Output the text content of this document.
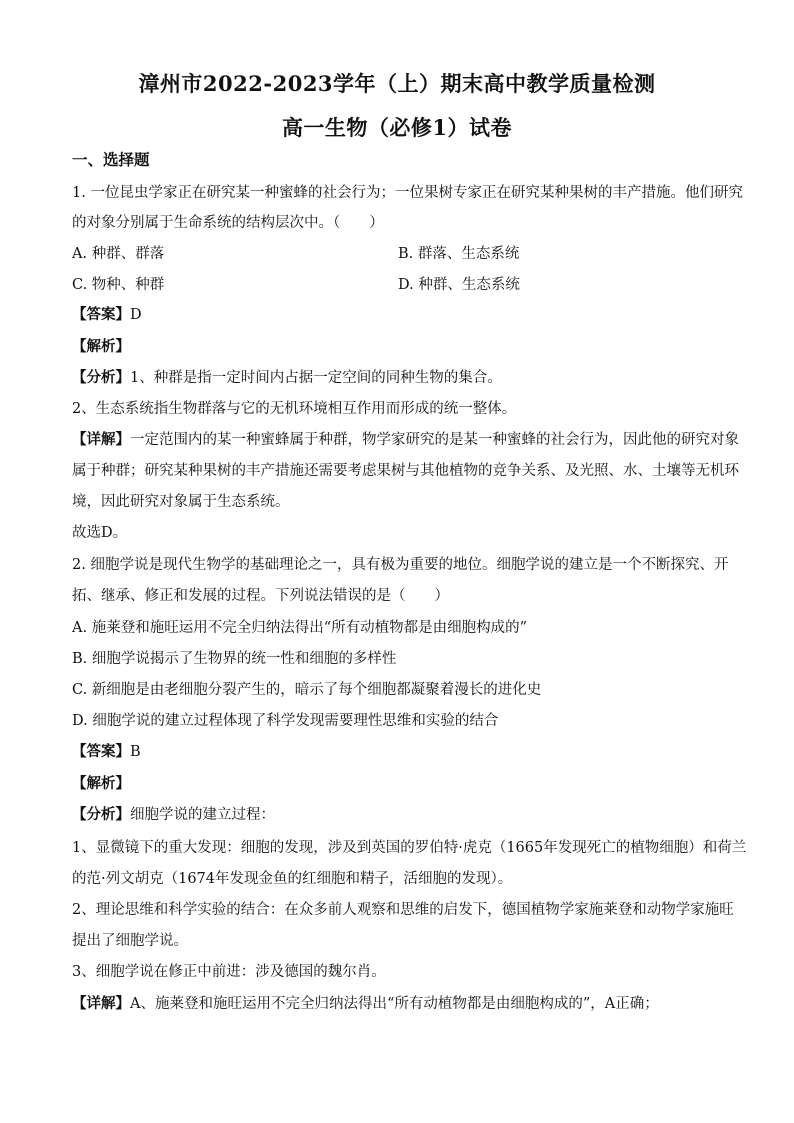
漳州市2022-2023学年（上）期末高中教学质量检测
高一生物（必修1）试卷
一、选择题
1. 一位昆虫学家正在研究某一种蜜蜂的社会行为；一位果树专家正在研究某种果树的丰产措施。他们研究
的对象分别属于生命系统的结构层次中。（　　）
A. 种群、群落	B. 群落、生态系统
C. 物种、种群	D. 种群、生态系统
【答案】D
【解析】
【分析】1、种群是指一定时间内占据一定空间的同种生物的集合。
2、生态系统指生物群落与它的无机环境相互作用而形成的统一整体。
【详解】一定范围内的某一种蜜蜂属于种群，物学家研究的是某一种蜜蜂的社会行为，因此他的研究对象
属于种群；研究某种果树的丰产措施还需要考虑果树与其他植物的竞争关系、及光照、水、土壤等无机环
境，因此研究对象属于生态系统。
故选D。
2. 细胞学说是现代生物学的基础理论之一，具有极为重要的地位。细胞学说的建立是一个不断探究、开
拓、继承、修正和发展的过程。下列说法错误的是（　　）
A. 施莱登和施旺运用不完全归纳法得出“所有动植物都是由细胞构成的”
B. 细胞学说揭示了生物界的统一性和细胞的多样性
C. 新细胞是由老细胞分裂产生的，暗示了每个细胞都凝聚着漫长的进化史
D. 细胞学说的建立过程体现了科学发现需要理性思维和实验的结合
【答案】B
【解析】
【分析】细胞学说的建立过程：
1、显微镜下的重大发现：细胞的发现，涉及到英国的罗伯特·虎克（1665年发现死亡的植物细胞）和荷兰
的范·列文胡克（1674年发现金鱼的红细胞和精子，活细胞的发现）。
2、理论思维和科学实验的结合：在众多前人观察和思维的启发下，德国植物学家施莱登和动物学家施旺
提出了细胞学说。
3、细胞学说在修正中前进：涉及德国的魏尔肖。
【详解】A、施莱登和施旺运用不完全归纳法得出“所有动植物都是由细胞构成的”，A正确；
